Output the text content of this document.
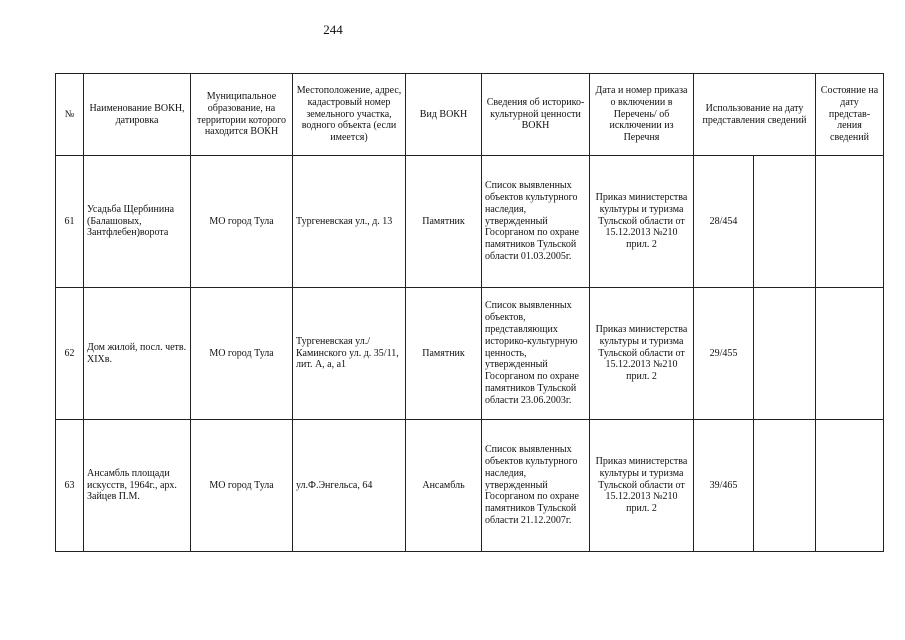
244
№	Наименование ВОКН, датировка	Муниципальное образование, на территории которого находится ВОКН	Местоположение, адрес, кадастровый номер земельного участка, водного объекта (если имеется)	Вид ВОКН	Сведения об историко-культурной ценности ВОКН	Дата и номер приказа о включении в Перечень/ об исключении из Перечня	Использование на дату представления сведений		Состояние на дату представ-ления сведений
61	Усадьба Щербинина (Балашовых, Зантфлебен)ворота	МО город Тула	Тургеневская ул., д. 13	Памятник	Список выявленных объектов культурного наследия, утвержденный Госорганом по охране памятников Тульской области 01.03.2005г.	Приказ министерства культуры и туризма Тульской области от 15.12.2013 №210 прил. 2	28/454		
62	Дом жилой, посл. четв. XIXв.	МО город Тула	Тургеневская ул./Каминского ул. д. 35/11, лит. А, а, а1	Памятник	Список выявленных объектов, представляющих историко-культурную ценность, утвержденный Госорганом по охране памятников Тульской области 23.06.2003г.	Приказ министерства культуры и туризма Тульской области от 15.12.2013 №210 прил. 2	29/455		
63	Ансамбль площади искусств, 1964г., арх. Зайцев П.М.	МО город Тула	ул.Ф.Энгельса, 64	Ансамбль	Список выявленных объектов культурного наследия, утвержденный Госорганом по охране памятников Тульской области 21.12.2007г.	Приказ министерства культуры и туризма Тульской области от 15.12.2013 №210 прил. 2	39/465		
